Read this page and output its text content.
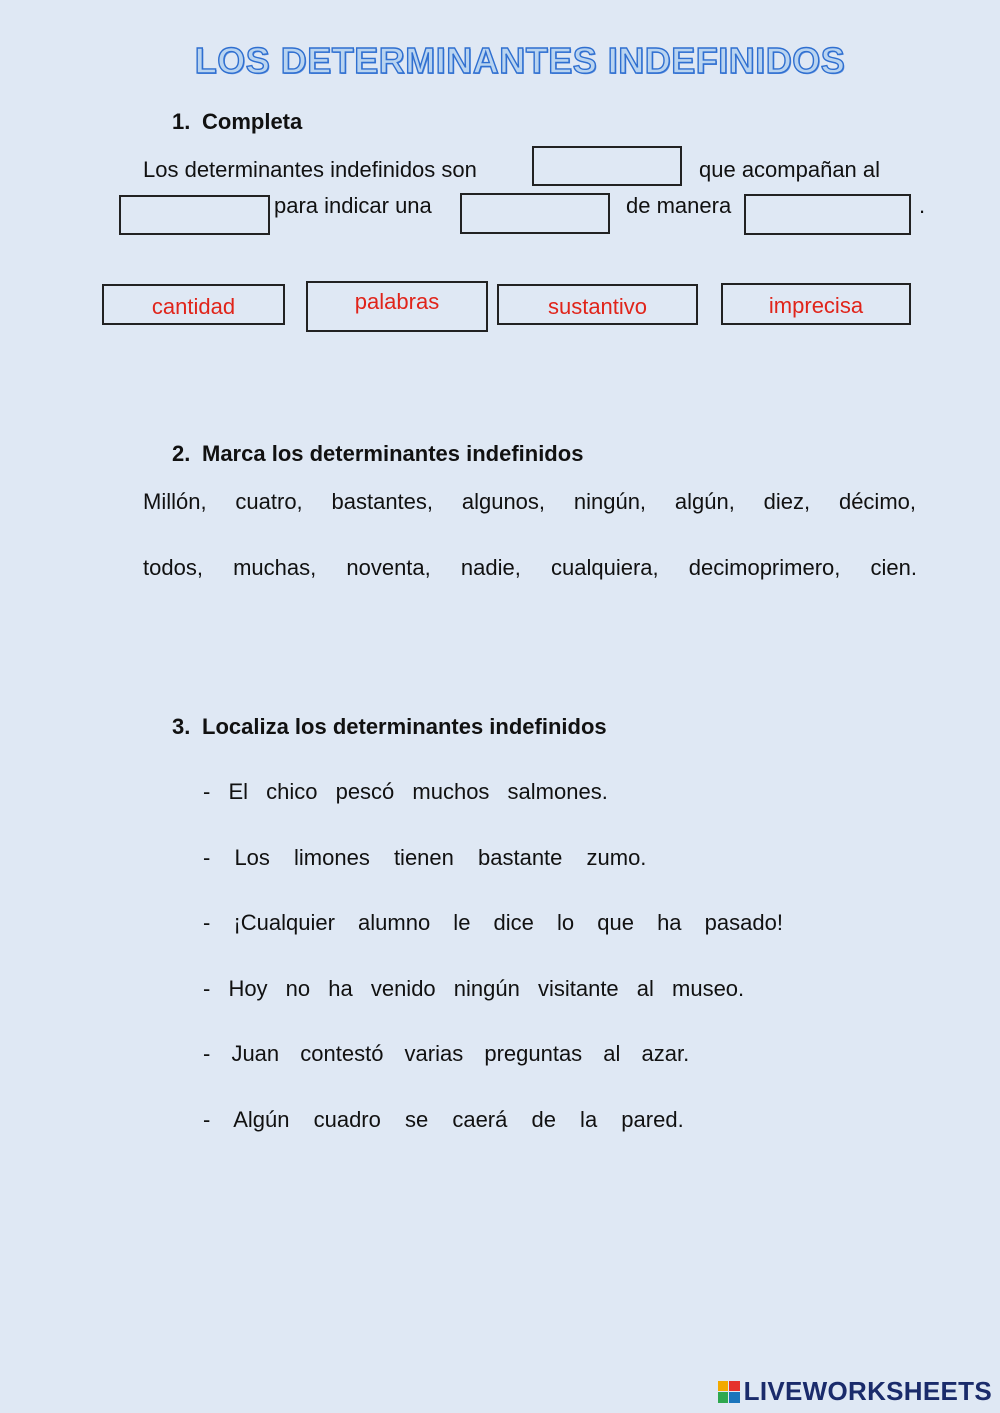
LOS DETERMINANTES INDEFINIDOS
1. Completa
Los determinantes indefinidos son	que acompañan al
para indicar una	de manera	.
cantidad	palabras	sustantivo	imprecisa
2. Marca los determinantes indefinidos
Millón, cuatro, bastantes, algunos, ningún, algún, diez, décimo,
todos, muchas, noventa, nadie, cualquiera, decimoprimero, cien.
3. Localiza los determinantes indefinidos
- El chico pescó muchos salmones.
- Los limones tienen bastante zumo.
- ¡Cualquier alumno le dice lo que ha pasado!
- Hoy no ha venido ningún visitante al museo.
- Juan contestó varias preguntas al azar.
- Algún cuadro se caerá de la pared.
LIVEWORKSHEETS
